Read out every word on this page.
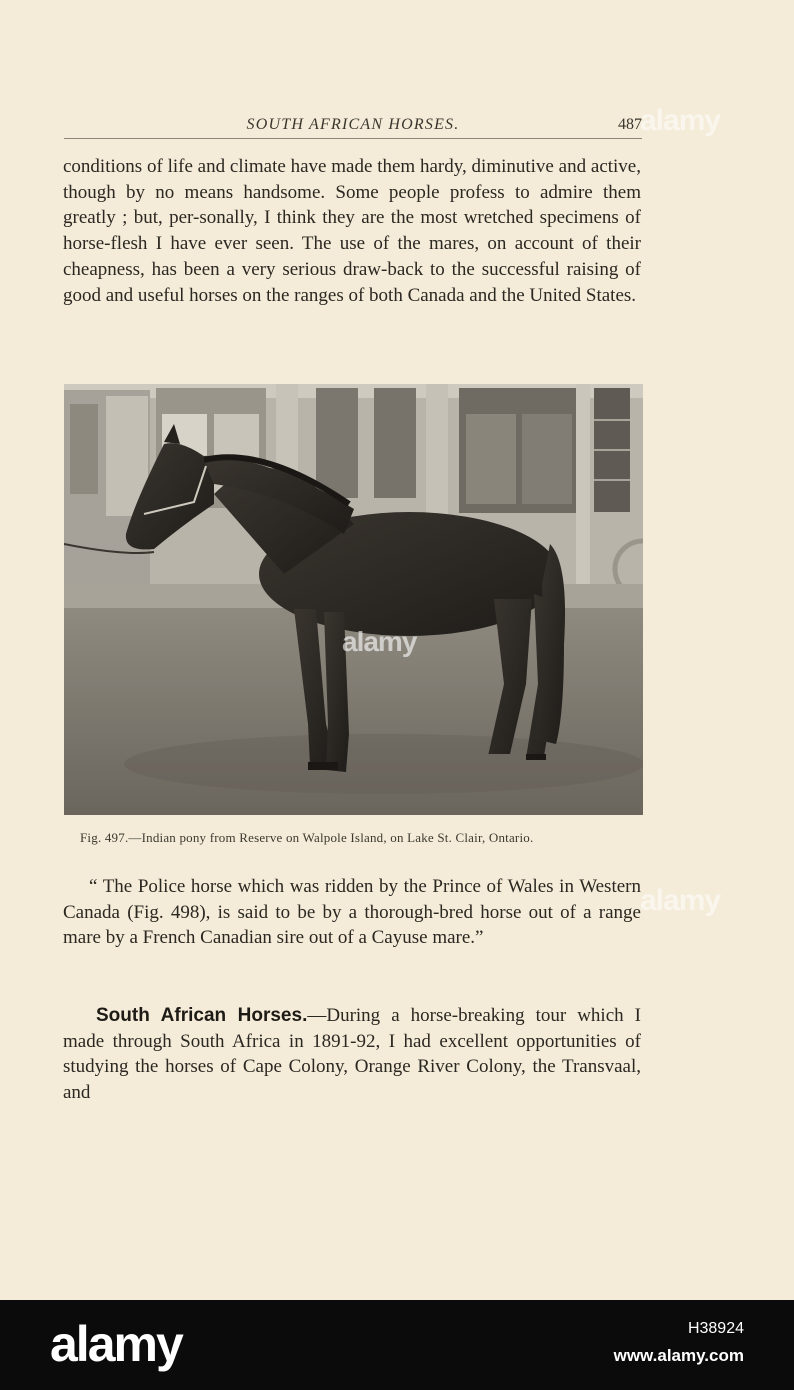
SOUTH AFRICAN HORSES.	487

conditions of life and climate have made them hardy, diminutive and active, though by no means handsome. Some people profess to admire them greatly ; but, per-sonally, I think they are the most wretched specimens of horse-flesh I have ever seen. The use of the mares, on account of their cheapness, has been a very serious draw-back to the successful raising of good and useful horses on the ranges of both Canada and the United States.

Fig. 497.—Indian pony from Reserve on Walpole Island, on Lake St. Clair, Ontario.

“ The Police horse which was ridden by the Prince of Wales in Western Canada (Fig. 498), is said to be by a thorough-bred horse out of a range mare by a French Canadian sire out of a Cayuse mare.”

South African Horses.—During a horse-breaking tour which I made through South Africa in 1891-92, I had excellent opportunities of studying the horses of Cape Colony, Orange River Colony, the Transvaal, and

alamy
alamy
alamy
alamy	H38924
www.alamy.com
